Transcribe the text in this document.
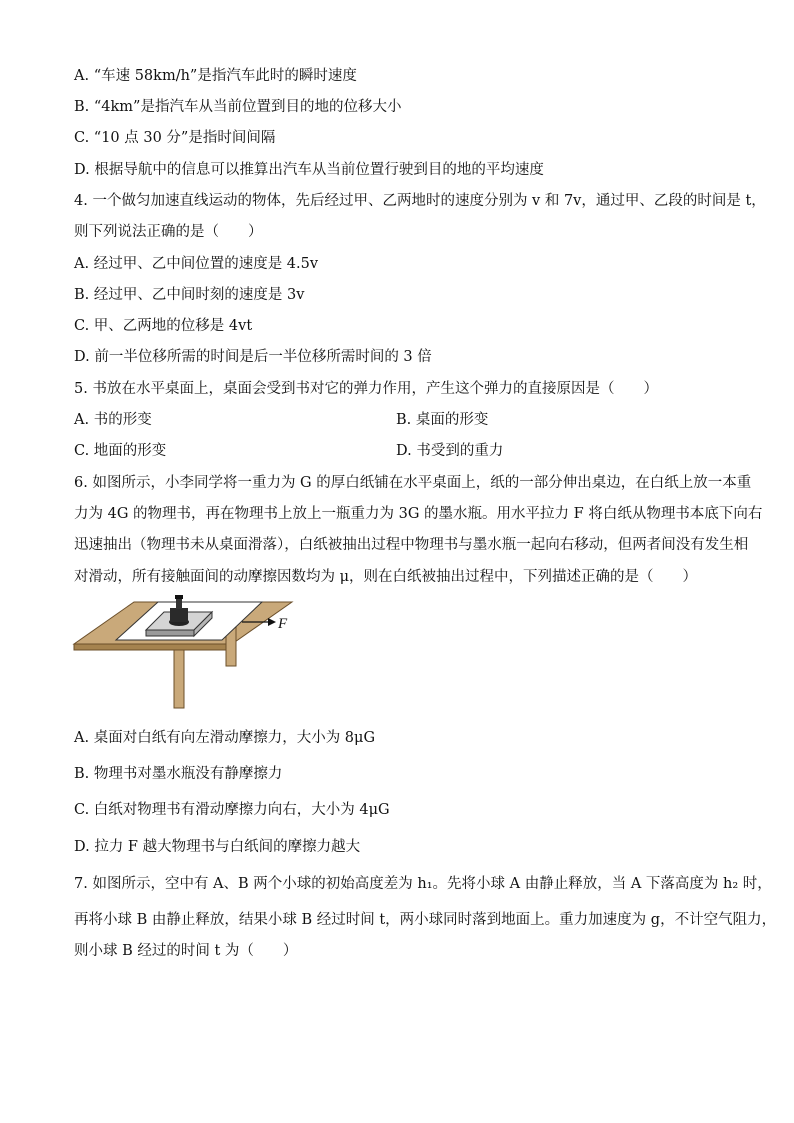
A. “车速 58km/h”是指汽车此时的瞬时速度
B. “4km”是指汽车从当前位置到目的地的位移大小
C. “10 点 30 分”是指时间间隔
D. 根据导航中的信息可以推算出汽车从当前位置行驶到目的地的平均速度
4. 一个做匀加速直线运动的物体，先后经过甲、乙两地时的速度分别为 v 和 7v，通过甲、乙段的时间是 t，
则下列说法正确的是（　　）
A. 经过甲、乙中间位置的速度是 4.5v
B. 经过甲、乙中间时刻的速度是 3v
C. 甲、乙两地的位移是 4vt
D. 前一半位移所需的时间是后一半位移所需时间的 3 倍
5. 书放在水平桌面上，桌面会受到书对它的弹力作用，产生这个弹力的直接原因是（　　）
A. 书的形变	B. 桌面的形变
C. 地面的形变	D. 书受到的重力
6. 如图所示，小李同学将一重力为 G 的厚白纸铺在水平桌面上，纸的一部分伸出桌边，在白纸上放一本重
力为 4G 的物理书，再在物理书上放上一瓶重力为 3G 的墨水瓶。用水平拉力 F 将白纸从物理书本底下向右
迅速抽出（物理书未从桌面滑落），白纸被抽出过程中物理书与墨水瓶一起向右移动，但两者间没有发生相
对滑动，所有接触面间的动摩擦因数均为 μ，则在白纸被抽出过程中，下列描述正确的是（　　）
F
A. 桌面对白纸有向左滑动摩擦力，大小为 8μG
B. 物理书对墨水瓶没有静摩擦力
C. 白纸对物理书有滑动摩擦力向右，大小为 4μG
D. 拉力 F 越大物理书与白纸间的摩擦力越大
7. 如图所示，空中有 A、B 两个小球的初始高度差为 h₁。先将小球 A 由静止释放，当 A 下落高度为 h₂ 时，
再将小球 B 由静止释放，结果小球 B 经过时间 t，两小球同时落到地面上。重力加速度为 g，不计空气阻力，
则小球 B 经过的时间 t 为（　　）
